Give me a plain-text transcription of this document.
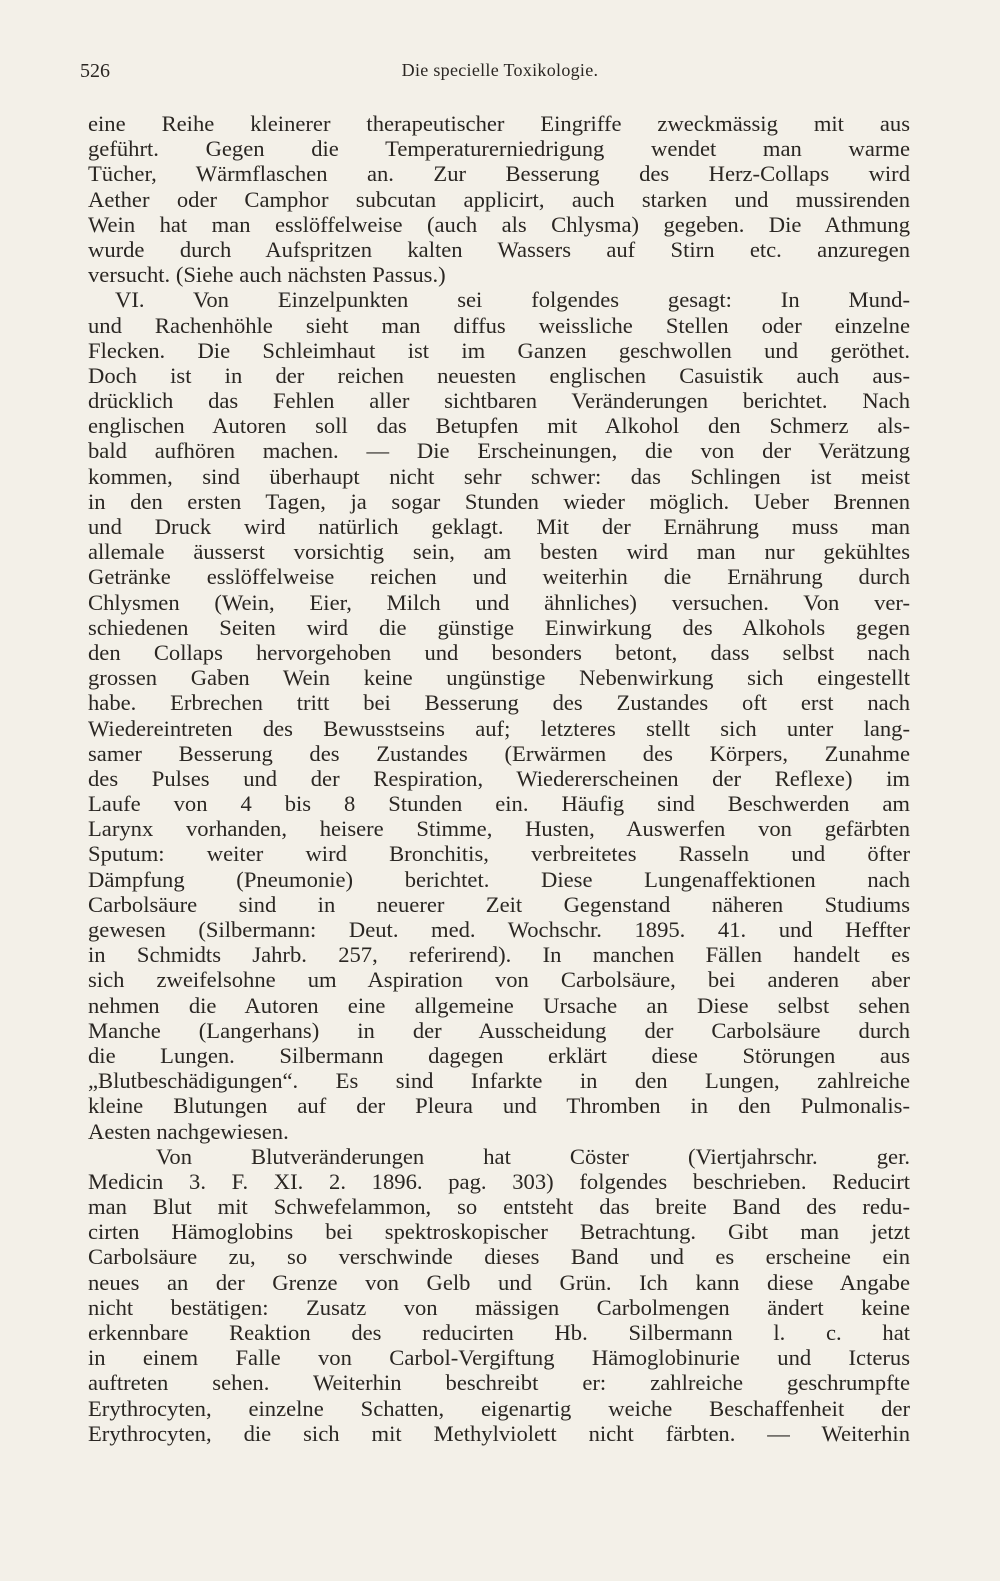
526	Die specielle Toxikologie.
eine Reihe kleinerer therapeutischer Eingriffe zweckmässig mit aus
geführt. Gegen die Temperaturerniedrigung wendet man warme
Tücher, Wärmflaschen an. Zur Besserung des Herz-Collaps wird
Aether oder Camphor subcutan applicirt, auch starken und mussirenden
Wein hat man esslöffelweise (auch als Chlysma) gegeben. Die Athmung
wurde durch Aufspritzen kalten Wassers auf Stirn etc. anzuregen
versucht. (Siehe auch nächsten Passus.)
VI. Von Einzelpunkten sei folgendes gesagt: In Mund-
und Rachenhöhle sieht man diffus weissliche Stellen oder einzelne
Flecken. Die Schleimhaut ist im Ganzen geschwollen und geröthet.
Doch ist in der reichen neuesten englischen Casuistik auch aus-
drücklich das Fehlen aller sichtbaren Veränderungen berichtet. Nach
englischen Autoren soll das Betupfen mit Alkohol den Schmerz als-
bald aufhören machen. — Die Erscheinungen, die von der Verätzung
kommen, sind überhaupt nicht sehr schwer: das Schlingen ist meist
in den ersten Tagen, ja sogar Stunden wieder möglich. Ueber Brennen
und Druck wird natürlich geklagt. Mit der Ernährung muss man
allemale äusserst vorsichtig sein, am besten wird man nur gekühltes
Getränke esslöffelweise reichen und weiterhin die Ernährung durch
Chlysmen (Wein, Eier, Milch und ähnliches) versuchen. Von ver-
schiedenen Seiten wird die günstige Einwirkung des Alkohols gegen
den Collaps hervorgehoben und besonders betont, dass selbst nach
grossen Gaben Wein keine ungünstige Nebenwirkung sich eingestellt
habe. Erbrechen tritt bei Besserung des Zustandes oft erst nach
Wiedereintreten des Bewusstseins auf; letzteres stellt sich unter lang-
samer Besserung des Zustandes (Erwärmen des Körpers, Zunahme
des Pulses und der Respiration, Wiedererscheinen der Reflexe) im
Laufe von 4 bis 8 Stunden ein. Häufig sind Beschwerden am
Larynx vorhanden, heisere Stimme, Husten, Auswerfen von gefärbten
Sputum: weiter wird Bronchitis, verbreitetes Rasseln und öfter
Dämpfung (Pneumonie) berichtet. Diese Lungenaffektionen nach
Carbolsäure sind in neuerer Zeit Gegenstand näheren Studiums
gewesen (Silbermann: Deut. med. Wochschr. 1895. 41. und Heffter
in Schmidts Jahrb. 257, referirend). In manchen Fällen handelt es
sich zweifelsohne um Aspiration von Carbolsäure, bei anderen aber
nehmen die Autoren eine allgemeine Ursache an Diese selbst sehen
Manche (Langerhans) in der Ausscheidung der Carbolsäure durch
die Lungen. Silbermann dagegen erklärt diese Störungen aus
„Blutbeschädigungen“. Es sind Infarkte in den Lungen, zahlreiche
kleine Blutungen auf der Pleura und Thromben in den Pulmonalis-
Aesten nachgewiesen.
Von Blutveränderungen hat Cöster (Viertjahrschr. ger.
Medicin 3. F. XI. 2. 1896. pag. 303) folgendes beschrieben. Reducirt
man Blut mit Schwefelammon, so entsteht das breite Band des redu-
cirten Hämoglobins bei spektroskopischer Betrachtung. Gibt man jetzt
Carbolsäure zu, so verschwinde dieses Band und es erscheine ein
neues an der Grenze von Gelb und Grün. Ich kann diese Angabe
nicht bestätigen: Zusatz von mässigen Carbolmengen ändert keine
erkennbare Reaktion des reducirten Hb. Silbermann l. c. hat
in einem Falle von Carbol-Vergiftung Hämoglobinurie und Icterus
auftreten sehen. Weiterhin beschreibt er: zahlreiche geschrumpfte
Erythrocyten, einzelne Schatten, eigenartig weiche Beschaffenheit der
Erythrocyten, die sich mit Methylviolett nicht färbten. — Weiterhin
